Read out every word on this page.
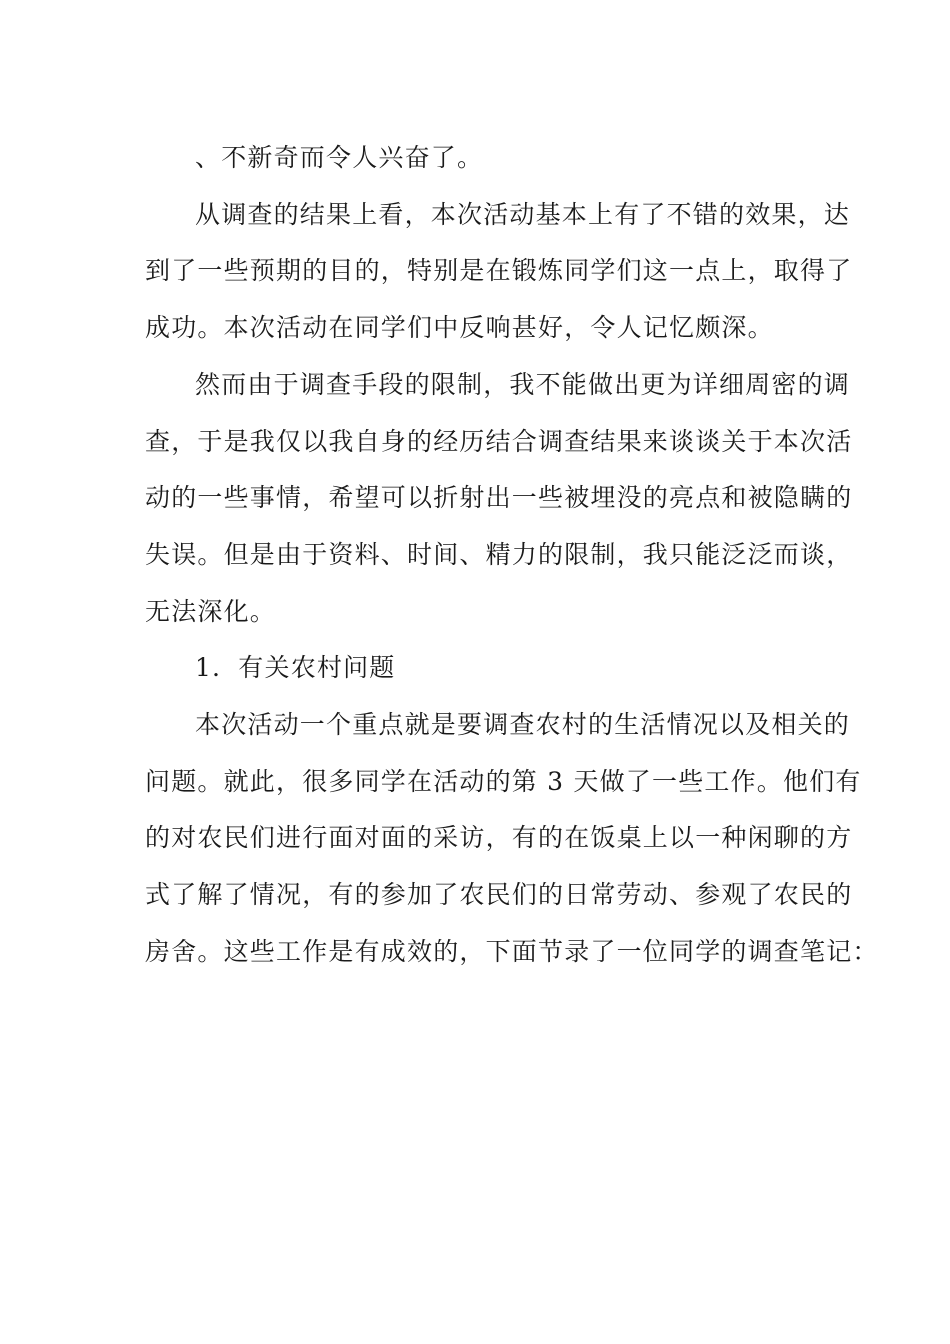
、不新奇而令人兴奋了。

从调查的结果上看，本次活动基本上有了不错的效果，达
到了一些预期的目的，特别是在锻炼同学们这一点上，取得了
成功。本次活动在同学们中反响甚好，令人记忆颇深。

然而由于调查手段的限制，我不能做出更为详细周密的调
查，于是我仅以我自身的经历结合调查结果来谈谈关于本次活
动的一些事情，希望可以折射出一些被埋没的亮点和被隐瞒的
失误。但是由于资料、时间、精力的限制，我只能泛泛而谈，
无法深化。

1．有关农村问题

本次活动一个重点就是要调查农村的生活情况以及相关的
问题。就此，很多同学在活动的第 3 天做了一些工作。他们有
的对农民们进行面对面的采访，有的在饭桌上以一种闲聊的方
式了解了情况，有的参加了农民们的日常劳动、参观了农民的
房舍。这些工作是有成效的，下面节录了一位同学的调查笔记：
